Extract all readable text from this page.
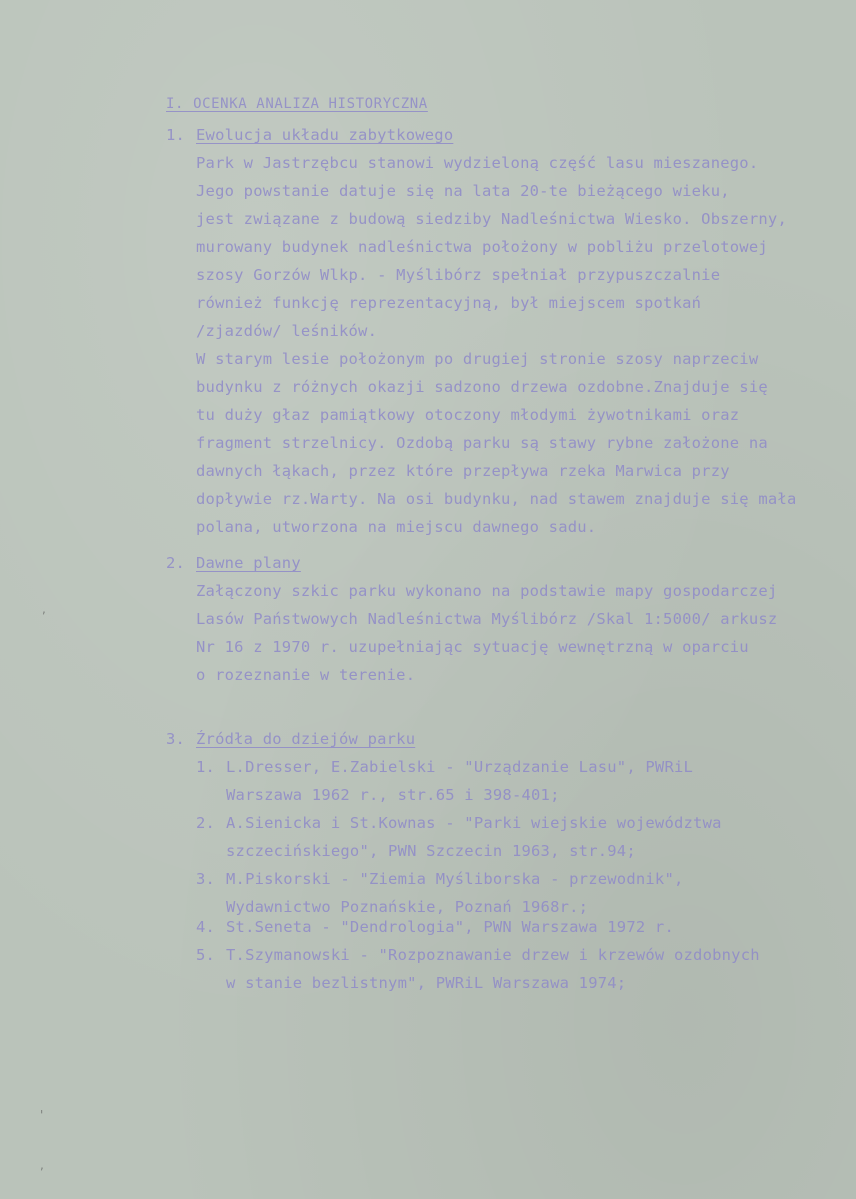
I. OCENKA ANALIZA HISTORYCZNA
1. Ewolucja układu zabytkowego
Park w Jastrzębcu stanowi wydzieloną część lasu mieszanego.
Jego powstanie datuje się na lata 20-te bieżącego wieku,
jest związane z budową siedziby Nadleśnictwa Wiesko. Obszerny,
murowany budynek nadleśnictwa położony w pobliżu przelotowej
szosy Gorzów Wlkp. - Myślibórz spełniał przypuszczalnie
również funkcję reprezentacyjną, był miejscem spotkań
/zjazdów/ leśników.
W starym lesie położonym po drugiej stronie szosy naprzeciw
budynku z różnych okazji sadzono drzewa ozdobne.Znajduje się
tu duży głaz pamiątkowy otoczony młodymi żywotnikami oraz
fragment strzelnicy. Ozdobą parku są stawy rybne założone na
dawnych łąkach, przez które przepływa rzeka Marwica przy
dopływie rz.Warty. Na osi budynku, nad stawem znajduje się mała
polana, utworzona na miejscu dawnego sadu.
2. Dawne plany
Załączony szkic parku wykonano na podstawie mapy gospodarczej
Lasów Państwowych Nadleśnictwa Myślibórz /Skal 1:5000/ arkusz
Nr 16 z 1970 r. uzupełniając sytuację wewnętrzną w oparciu
o rozeznanie w terenie.
3. Źródła do dziejów parku
1. L.Dresser, E.Zabielski - "Urządzanie Lasu", PWRiL
Warszawa 1962 r., str.65 i 398-401;
2. A.Sienicka i St.Kownas - "Parki wiejskie województwa
szczecińskiego", PWN Szczecin 1963, str.94;
3. M.Piskorski - "Ziemia Myśliborska - przewodnik",
Wydawnictwo Poznańskie, Poznań 1968r.;
4. St.Seneta - "Dendrologia", PWN Warszawa 1972 r.
5. T.Szymanowski - "Rozpoznawanie drzew i krzewów ozdobnych
w stanie bezlistnym", PWRiL Warszawa 1974;
,
'
,
